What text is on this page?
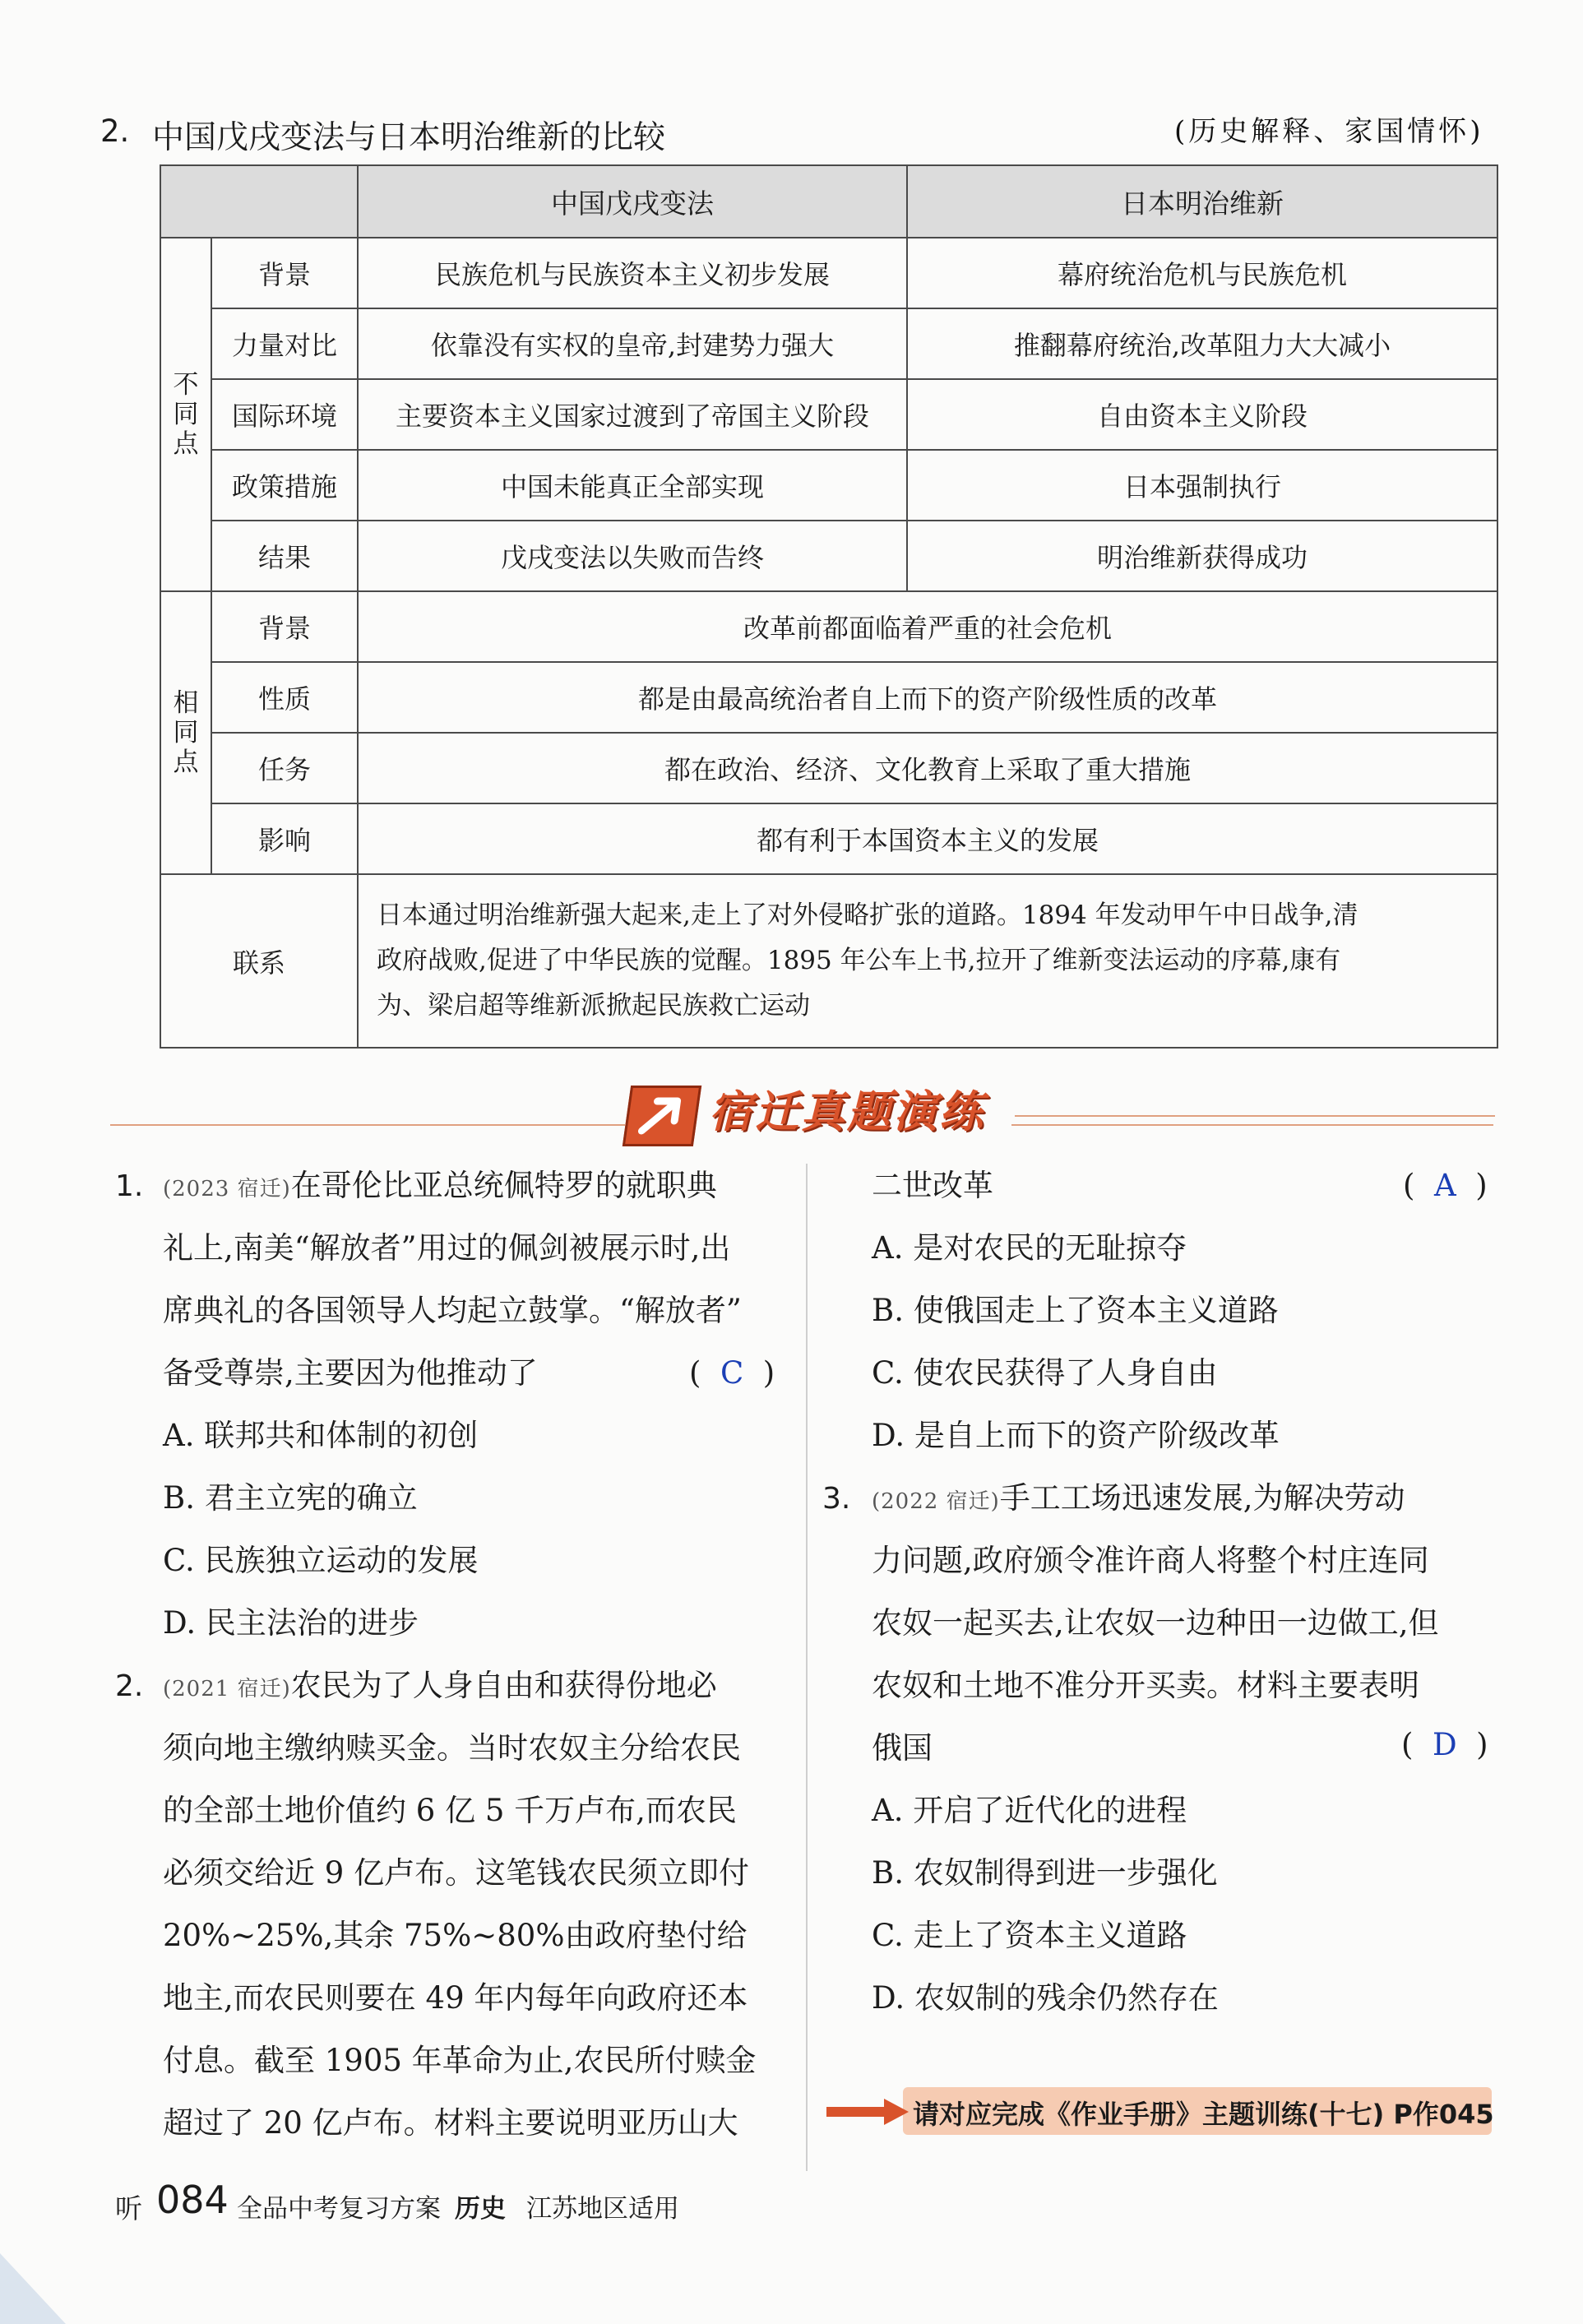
2. 中国戊戌变法与日本明治维新的比较	(历史解释、家国情怀)
		中国戊戌变法	日本明治维新
不同点	背景	民族危机与民族资本主义初步发展	幕府统治危机与民族危机
	力量对比	依靠没有实权的皇帝,封建势力强大	推翻幕府统治,改革阻力大大减小
	国际环境	主要资本主义国家过渡到了帝国主义阶段	自由资本主义阶段
	政策措施	中国未能真正全部实现	日本强制执行
	结果	戊戌变法以失败而告终	明治维新获得成功
相同点	背景	改革前都面临着严重的社会危机	
	性质	都是由最高统治者自上而下的资产阶级性质的改革	
	任务	都在政治、经济、文化教育上采取了重大措施	
	影响	都有利于本国资本主义的发展	
联系		日本通过明治维新强大起来,走上了对外侵略扩张的道路。1894 年发动甲午中日战争,清
政府战败,促进了中华民族的觉醒。1895 年公车上书,拉开了维新变法运动的序幕,康有
为、梁启超等维新派掀起民族救亡运动	
宿迁真题演练
1. (2023 宿迁)在哥伦比亚总统佩特罗的就职典
礼上,南美“解放者”用过的佩剑被展示时,出
席典礼的各国领导人均起立鼓掌。“解放者”
备受尊崇,主要因为他推动了	(  C  )
A. 联邦共和体制的初创
B. 君主立宪的确立
C. 民族独立运动的发展
D. 民主法治的进步
2. (2021 宿迁)农民为了人身自由和获得份地必
须向地主缴纳赎买金。当时农奴主分给农民
的全部土地价值约 6 亿 5 千万卢布,而农民
必须交给近 9 亿卢布。这笔钱农民须立即付
20%~25%,其余 75%~80%由政府垫付给
地主,而农民则要在 49 年内每年向政府还本
付息。截至 1905 年革命为止,农民所付赎金
超过了 20 亿卢布。材料主要说明亚历山大
二世改革	(  A  )
A. 是对农民的无耻掠夺
B. 使俄国走上了资本主义道路
C. 使农民获得了人身自由
D. 是自上而下的资产阶级改革
3. (2022 宿迁)手工工场迅速发展,为解决劳动
力问题,政府颁令准许商人将整个村庄连同
农奴一起买去,让农奴一边种田一边做工,但
农奴和土地不准分开买卖。材料主要表明
俄国	(  D  )
A. 开启了近代化的进程
B. 农奴制得到进一步强化
C. 走上了资本主义道路
D. 农奴制的残余仍然存在
请对应完成《作业手册》主题训练(十七) P作045
听 084 全品中考复习方案 历史 江苏地区适用
